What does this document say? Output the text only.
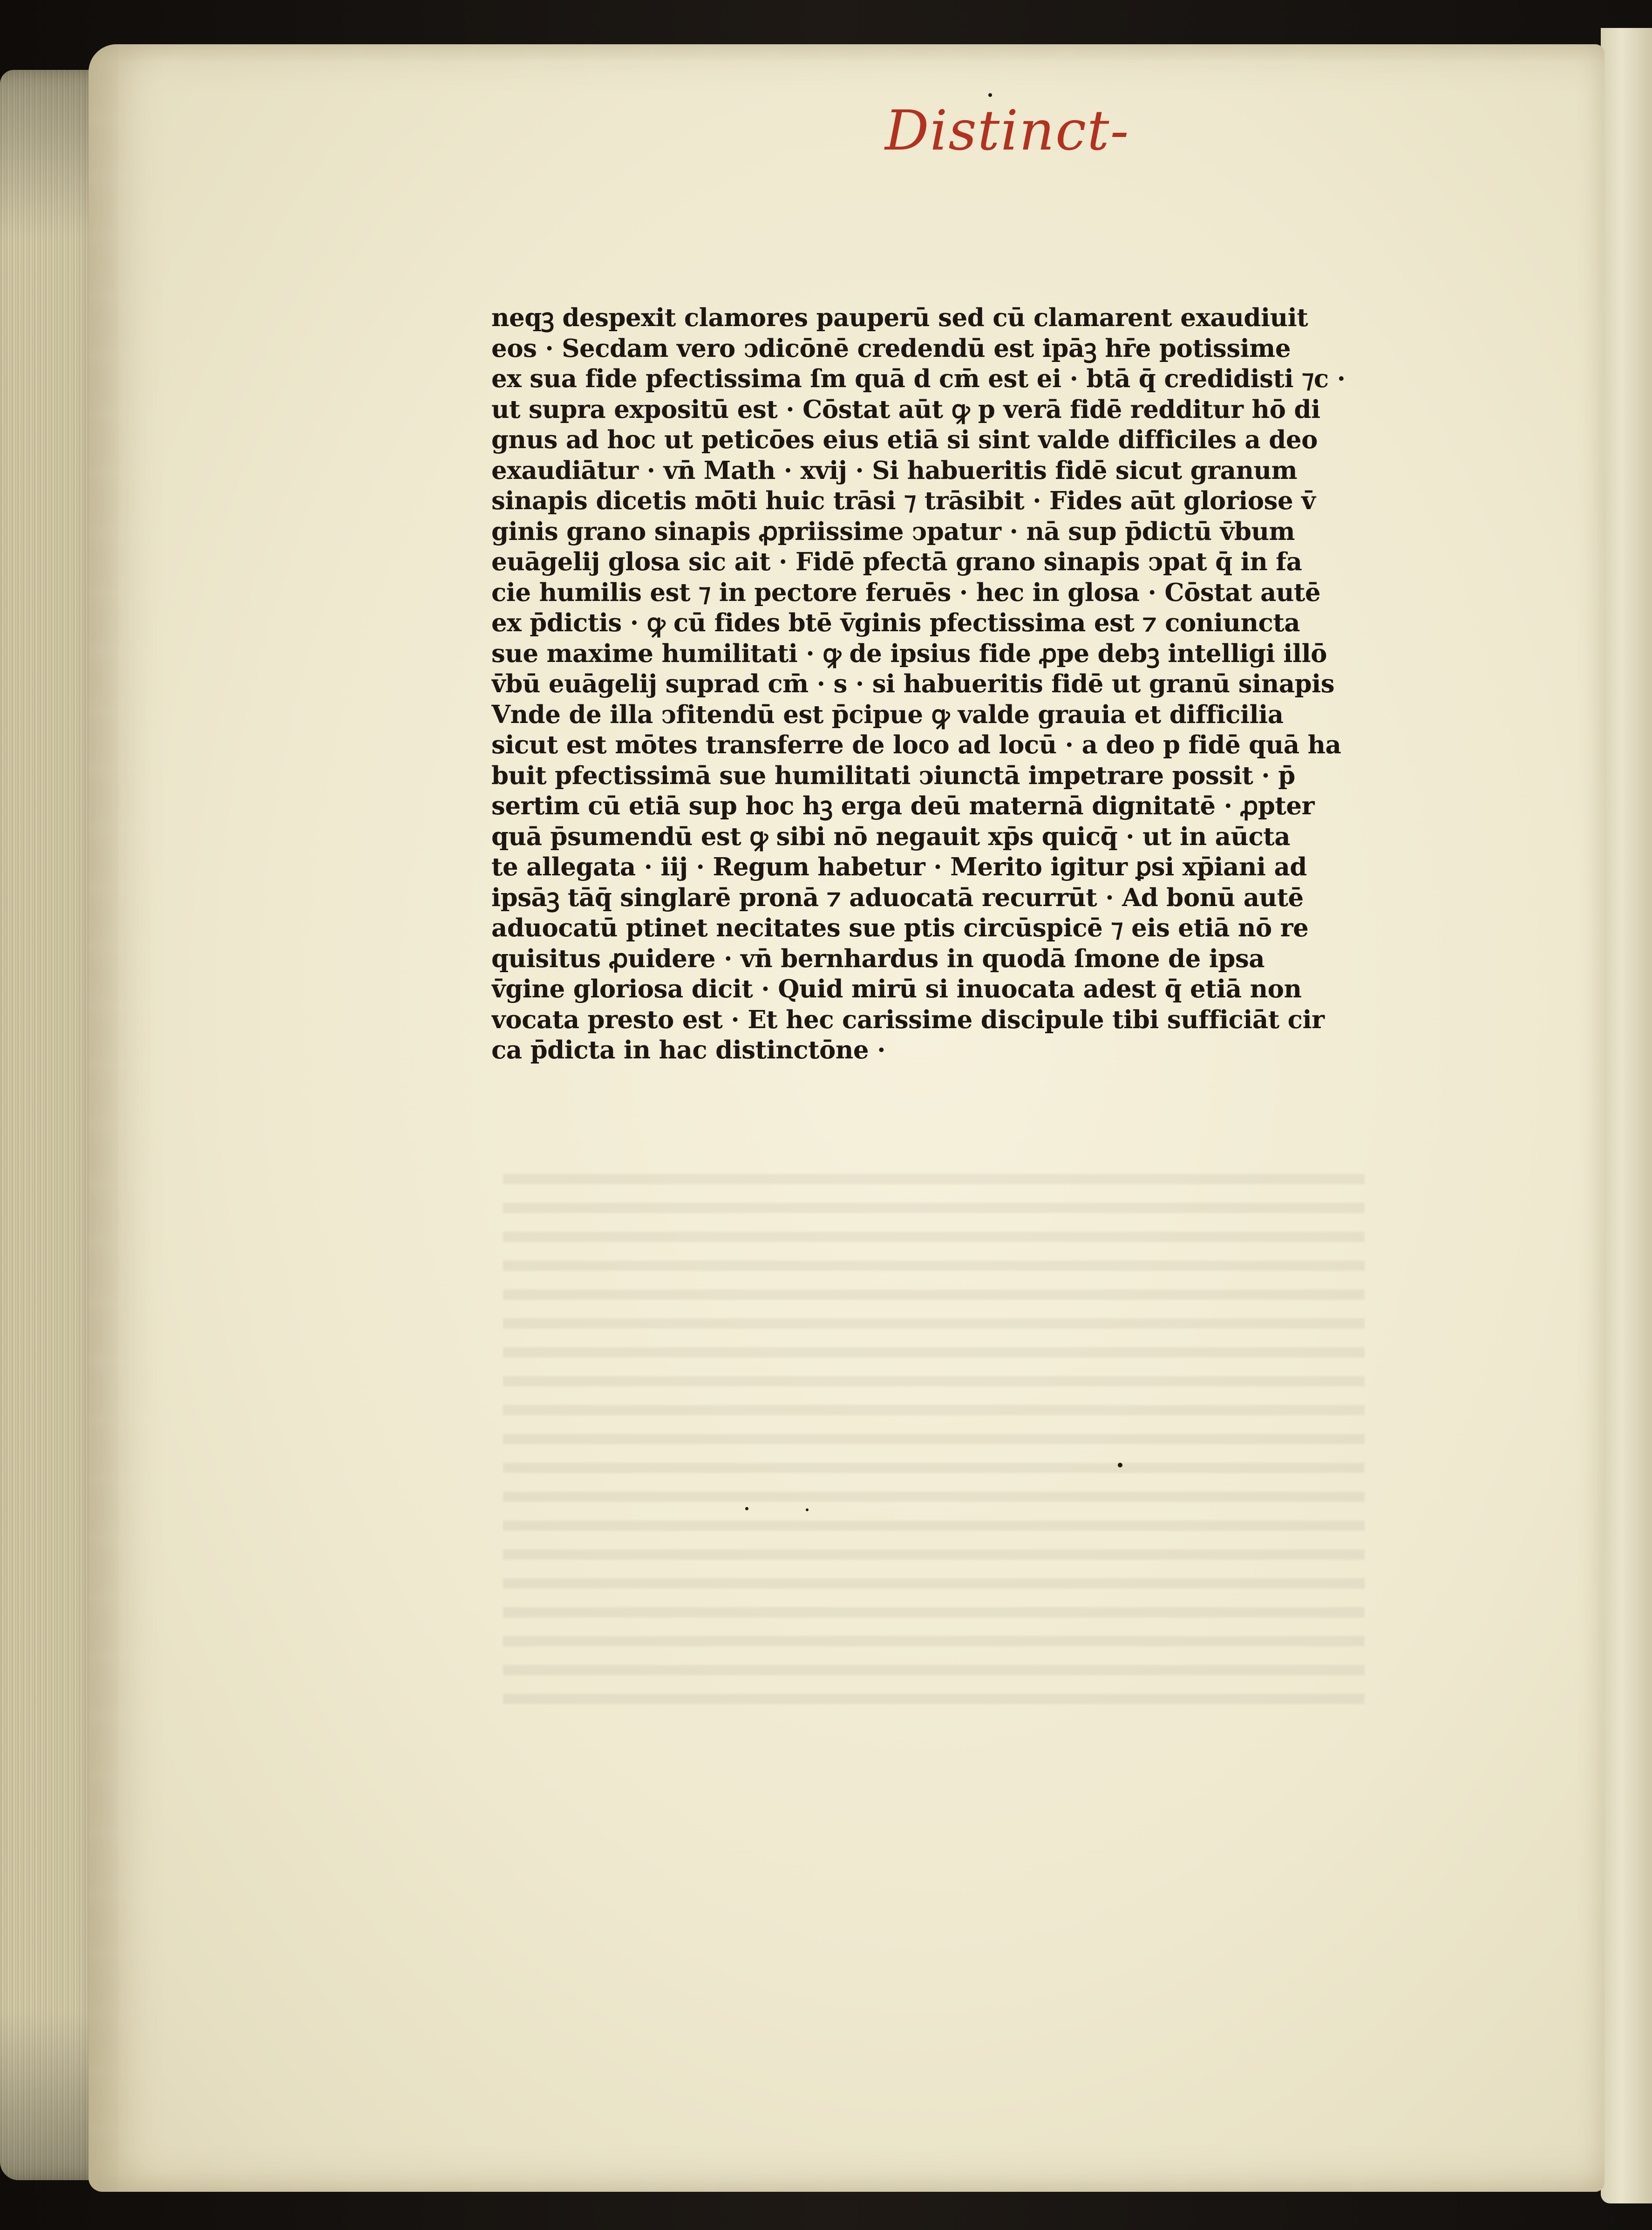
Distinct-
neqꝫ despexit clamores pauperū sed cū clamarent exaudiuit
eos · Secdam vero ↄdicōnē credendū est ipāꝫ hr̄e potissime
ex sua fide pfectissima ſm quā d cm̄ est ei · btā q̄ credidisti ⁊c ·
ut supra expositū est · Cōstat aūt ꝙ p verā fidē redditur hō di
gnus ad hoc ut peticōes eius etiā si sint valde difficiles a deo
exaudiātur · vn̄ Math · xvij · Si habueritis fidē sicut granum
sinapis dicetis mōti huic trāsi ⁊ trāsibit · Fides aūt gloriose v̄
ginis grano sinapis ꝓpriissime ↄpatur · nā sup p̄dictū v̄bum
euāgelij glosa sic ait · Fidē pfectā grano sinapis ↄpat q̄ in fa
cie humilis est ⁊ in pectore feruēs · hec in glosa · Cōstat autē
ex p̄dictis · ꝙ cū fides btē v̄ginis pfectissima est ⁊ coniuncta
sue maxime humilitati · ꝙ de ipsius fide ꝓpe debꝫ intelligi illō
v̄bū euāgelij suprad cm̄ · s · si habueritis fidē ut granū sinapis
Vnde de illa ↄfitendū est p̄cipue ꝙ valde grauia et difficilia
sicut est mōtes transferre de loco ad locū · a deo p fidē quā ha
buit pfectissimā sue humilitati ↄiunctā impetrare possit · p̄
sertim cū etiā sup hoc hꝫ erga deū maternā dignitatē · ꝓpter
quā p̄sumendū est ꝙ sibi nō negauit xp̄s quicq̄ · ut in aūcta
te allegata · iij · Regum habetur · Merito igitur ꝑsi xp̄iani ad
ipsāꝫ tāq̄ singlarē pronā ⁊ aduocatā recurrūt · Ad bonū autē
aduocatū ptinet necitates sue ptis circūspicē ⁊ eis etiā nō re
quisitus ꝓuidere · vn̄ bernhardus in quodā ſmone de ipsa
v̄gine gloriosa dicit · Quid mirū si inuocata adest q̄ etiā non
vocata presto est · Et hec carissime discipule tibi sufficiāt cir
ca p̄dicta in hac distinctōne ·
